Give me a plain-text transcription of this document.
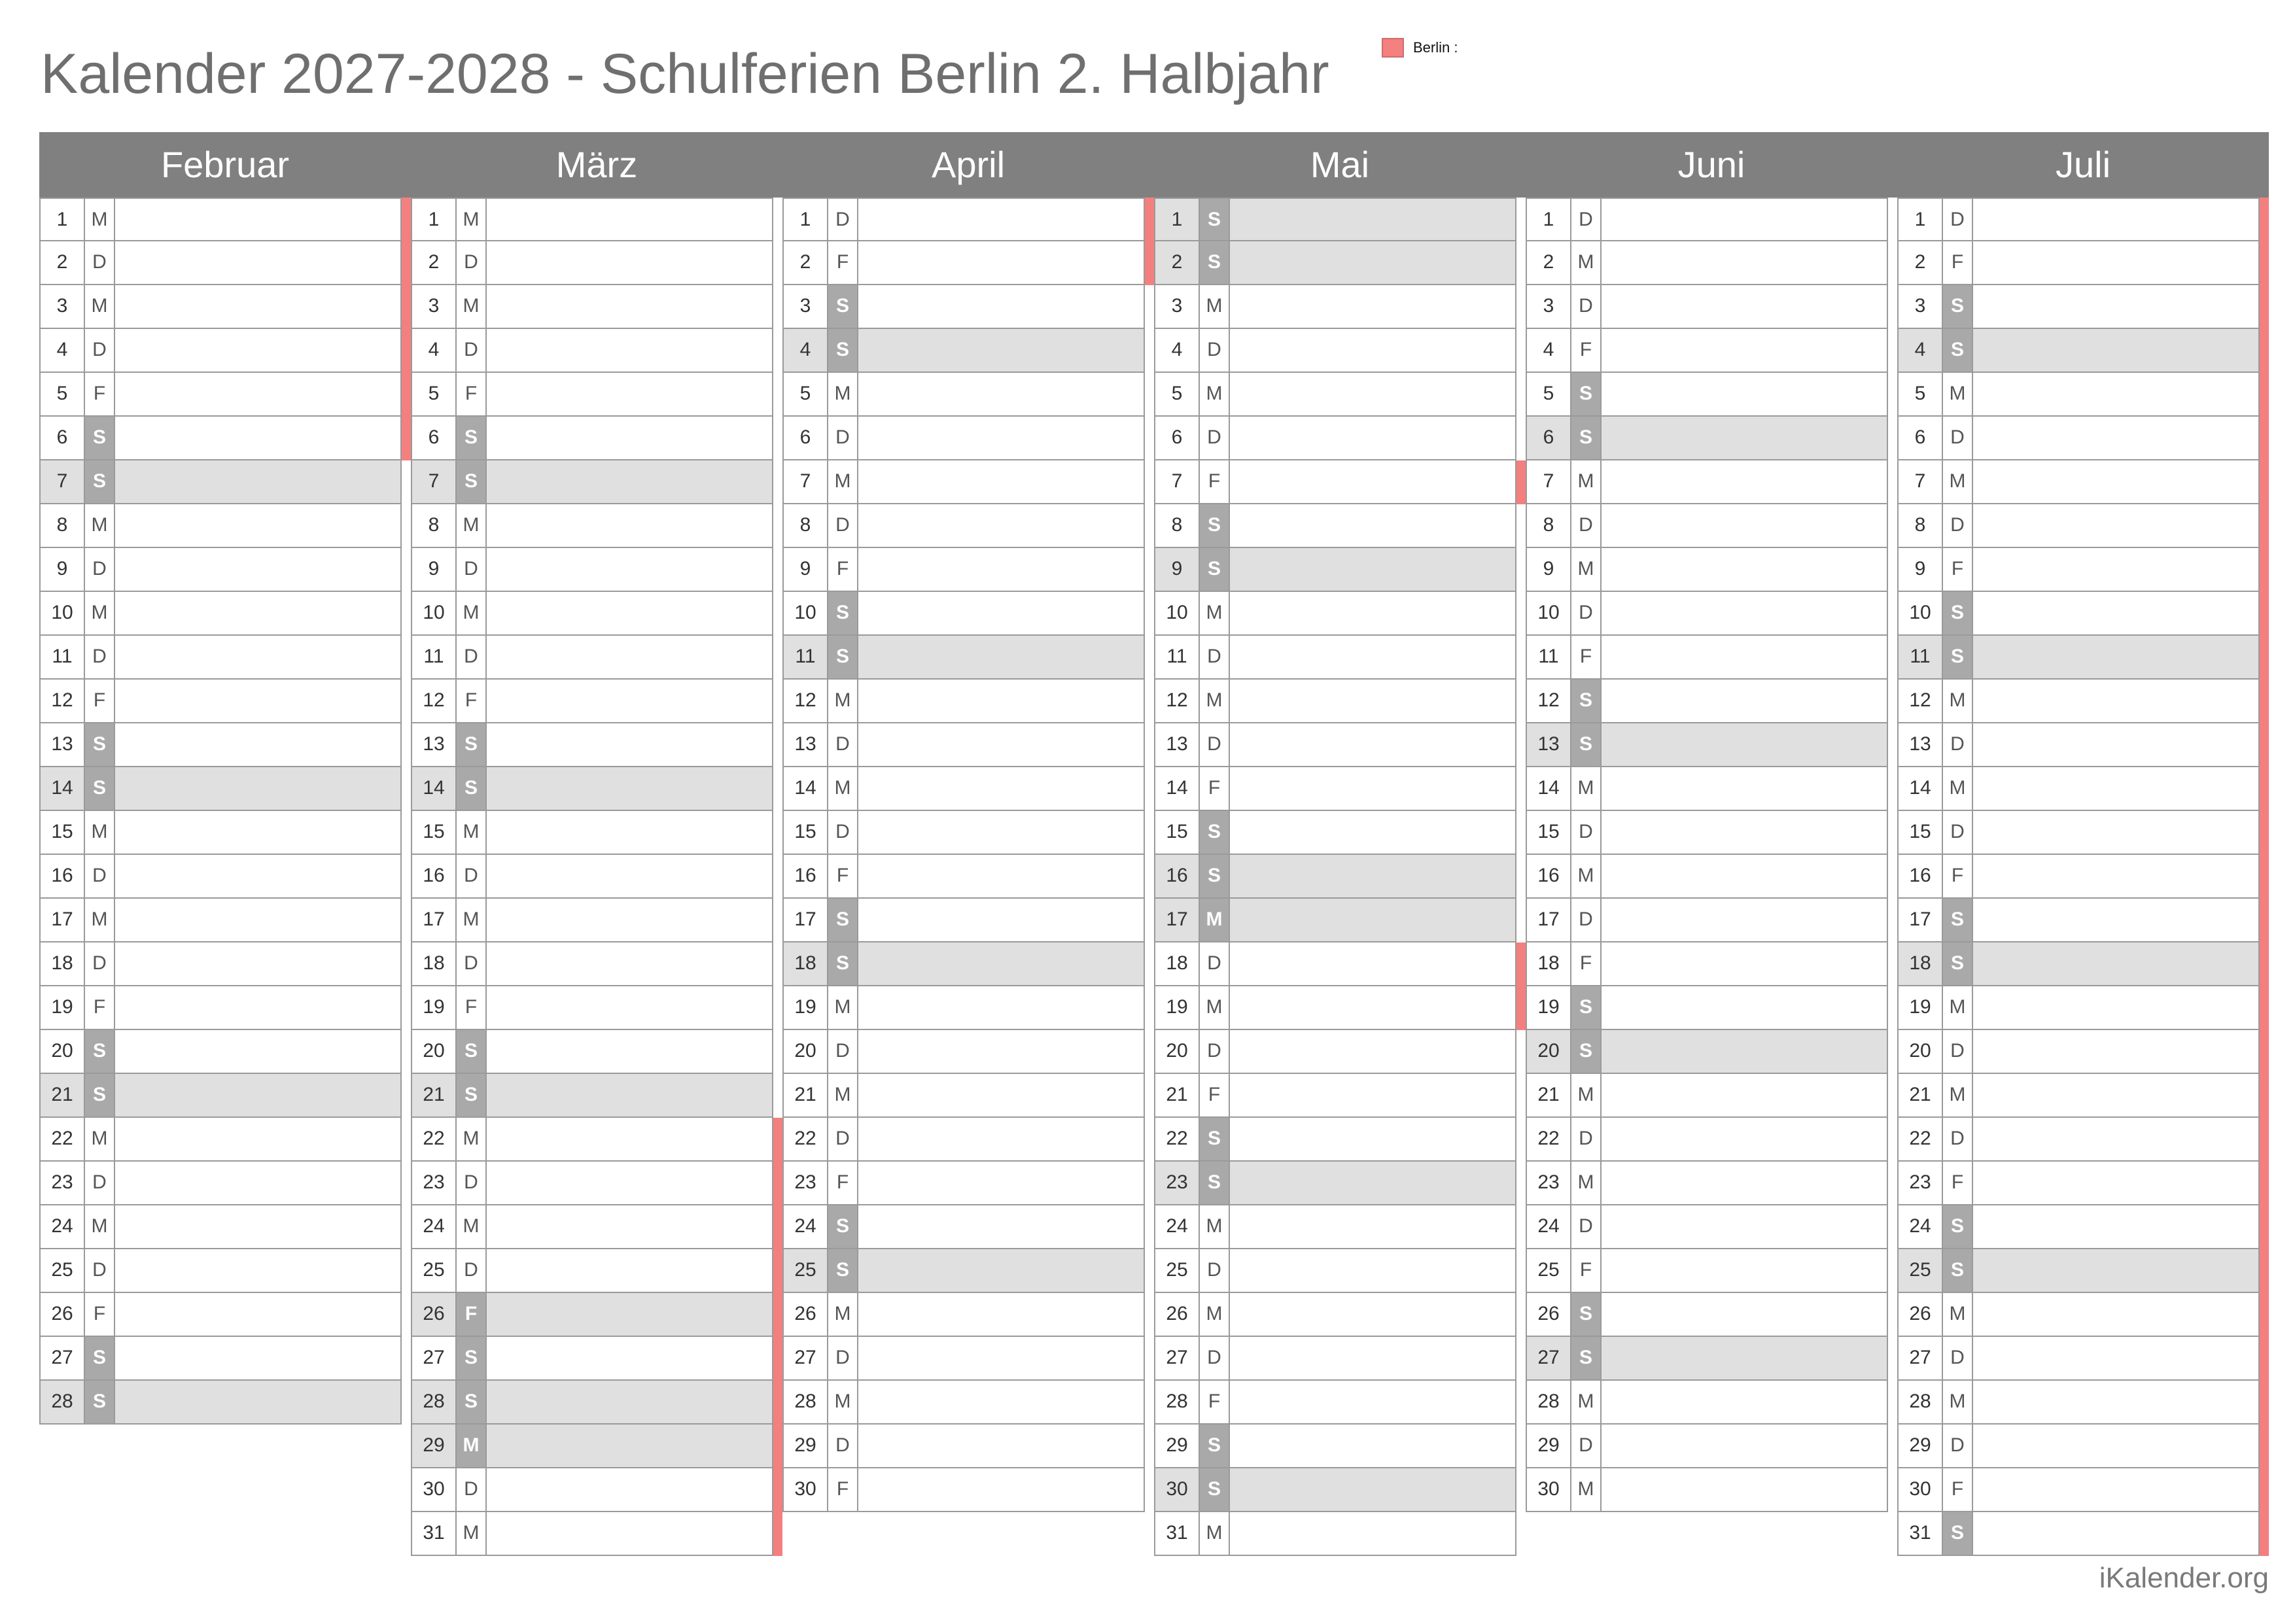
Kalender 2027-2028 - Schulferien Berlin 2. Halbjahr	Berlin :
Februar
1	M
2	D
3	M
4	D
5	F
6	S
7	S
8	M
9	D
10 M
11	D
12	F
13	S
14	S
15 M
16 D
17 M
18 D
19	F
20	S
21	S
22 M
23 D
24 M
25 D
26	F
27	S
28	S
März
1	M
2	D
3	M
4	D
5	F
6	S
7	S
8	M
9	D
10 M
11	D
12	F
13	S
14	S
15 M
16 D
17 M
18 D
19	F
20	S
21	S
22 M
23 D
24 M
25 D
26	F
27	S
28	S
29 M
30 D
31 M
April
1	D
2	F
3	S
4	S
5	M
6	D
7	M
8	D
9	F
10	S
11	S
12 M
13 D
14 M
15 D
16	F
17	S
18	S
19 M
20 D
21 M
22 D
23	F
24	S
25	S
26 M
27 D
28 M
29 D
30	F
Mai
1	S
2	S
3	M
4	D
5	M
6	D
7	F
8	S
9	S
10 M
11	D
12 M
13 D
14	F
15	S
16	S
17 M
18 D
19 M
20 D
21	F
22	S
23	S
24 M
25 D
26 M
27 D
28	F
29	S
30	S
31 M
Juni
1	D
2	M
3	D
4	F
5	S
6	S
7	M
8	D
9	M
10 D
11	F
12	S
13	S
14 M
15 D
16 M
17 D
18	F
19	S
20	S
21 M
22 D
23 M
24 D
25	F
26	S
27	S
28 M
29 D
30 M
Juli
1	D
2	F
3	S
4	S
5	M
6	D
7	M
8	D
9	F
10	S
11	S
12 M
13 D
14 M
15 D
16	F
17	S
18	S
19 M
20 D
21 M
22 D
23	F
24	S
25	S
26 M
27 D
28 M
29 D
30	F
31	S
iKalender.org
